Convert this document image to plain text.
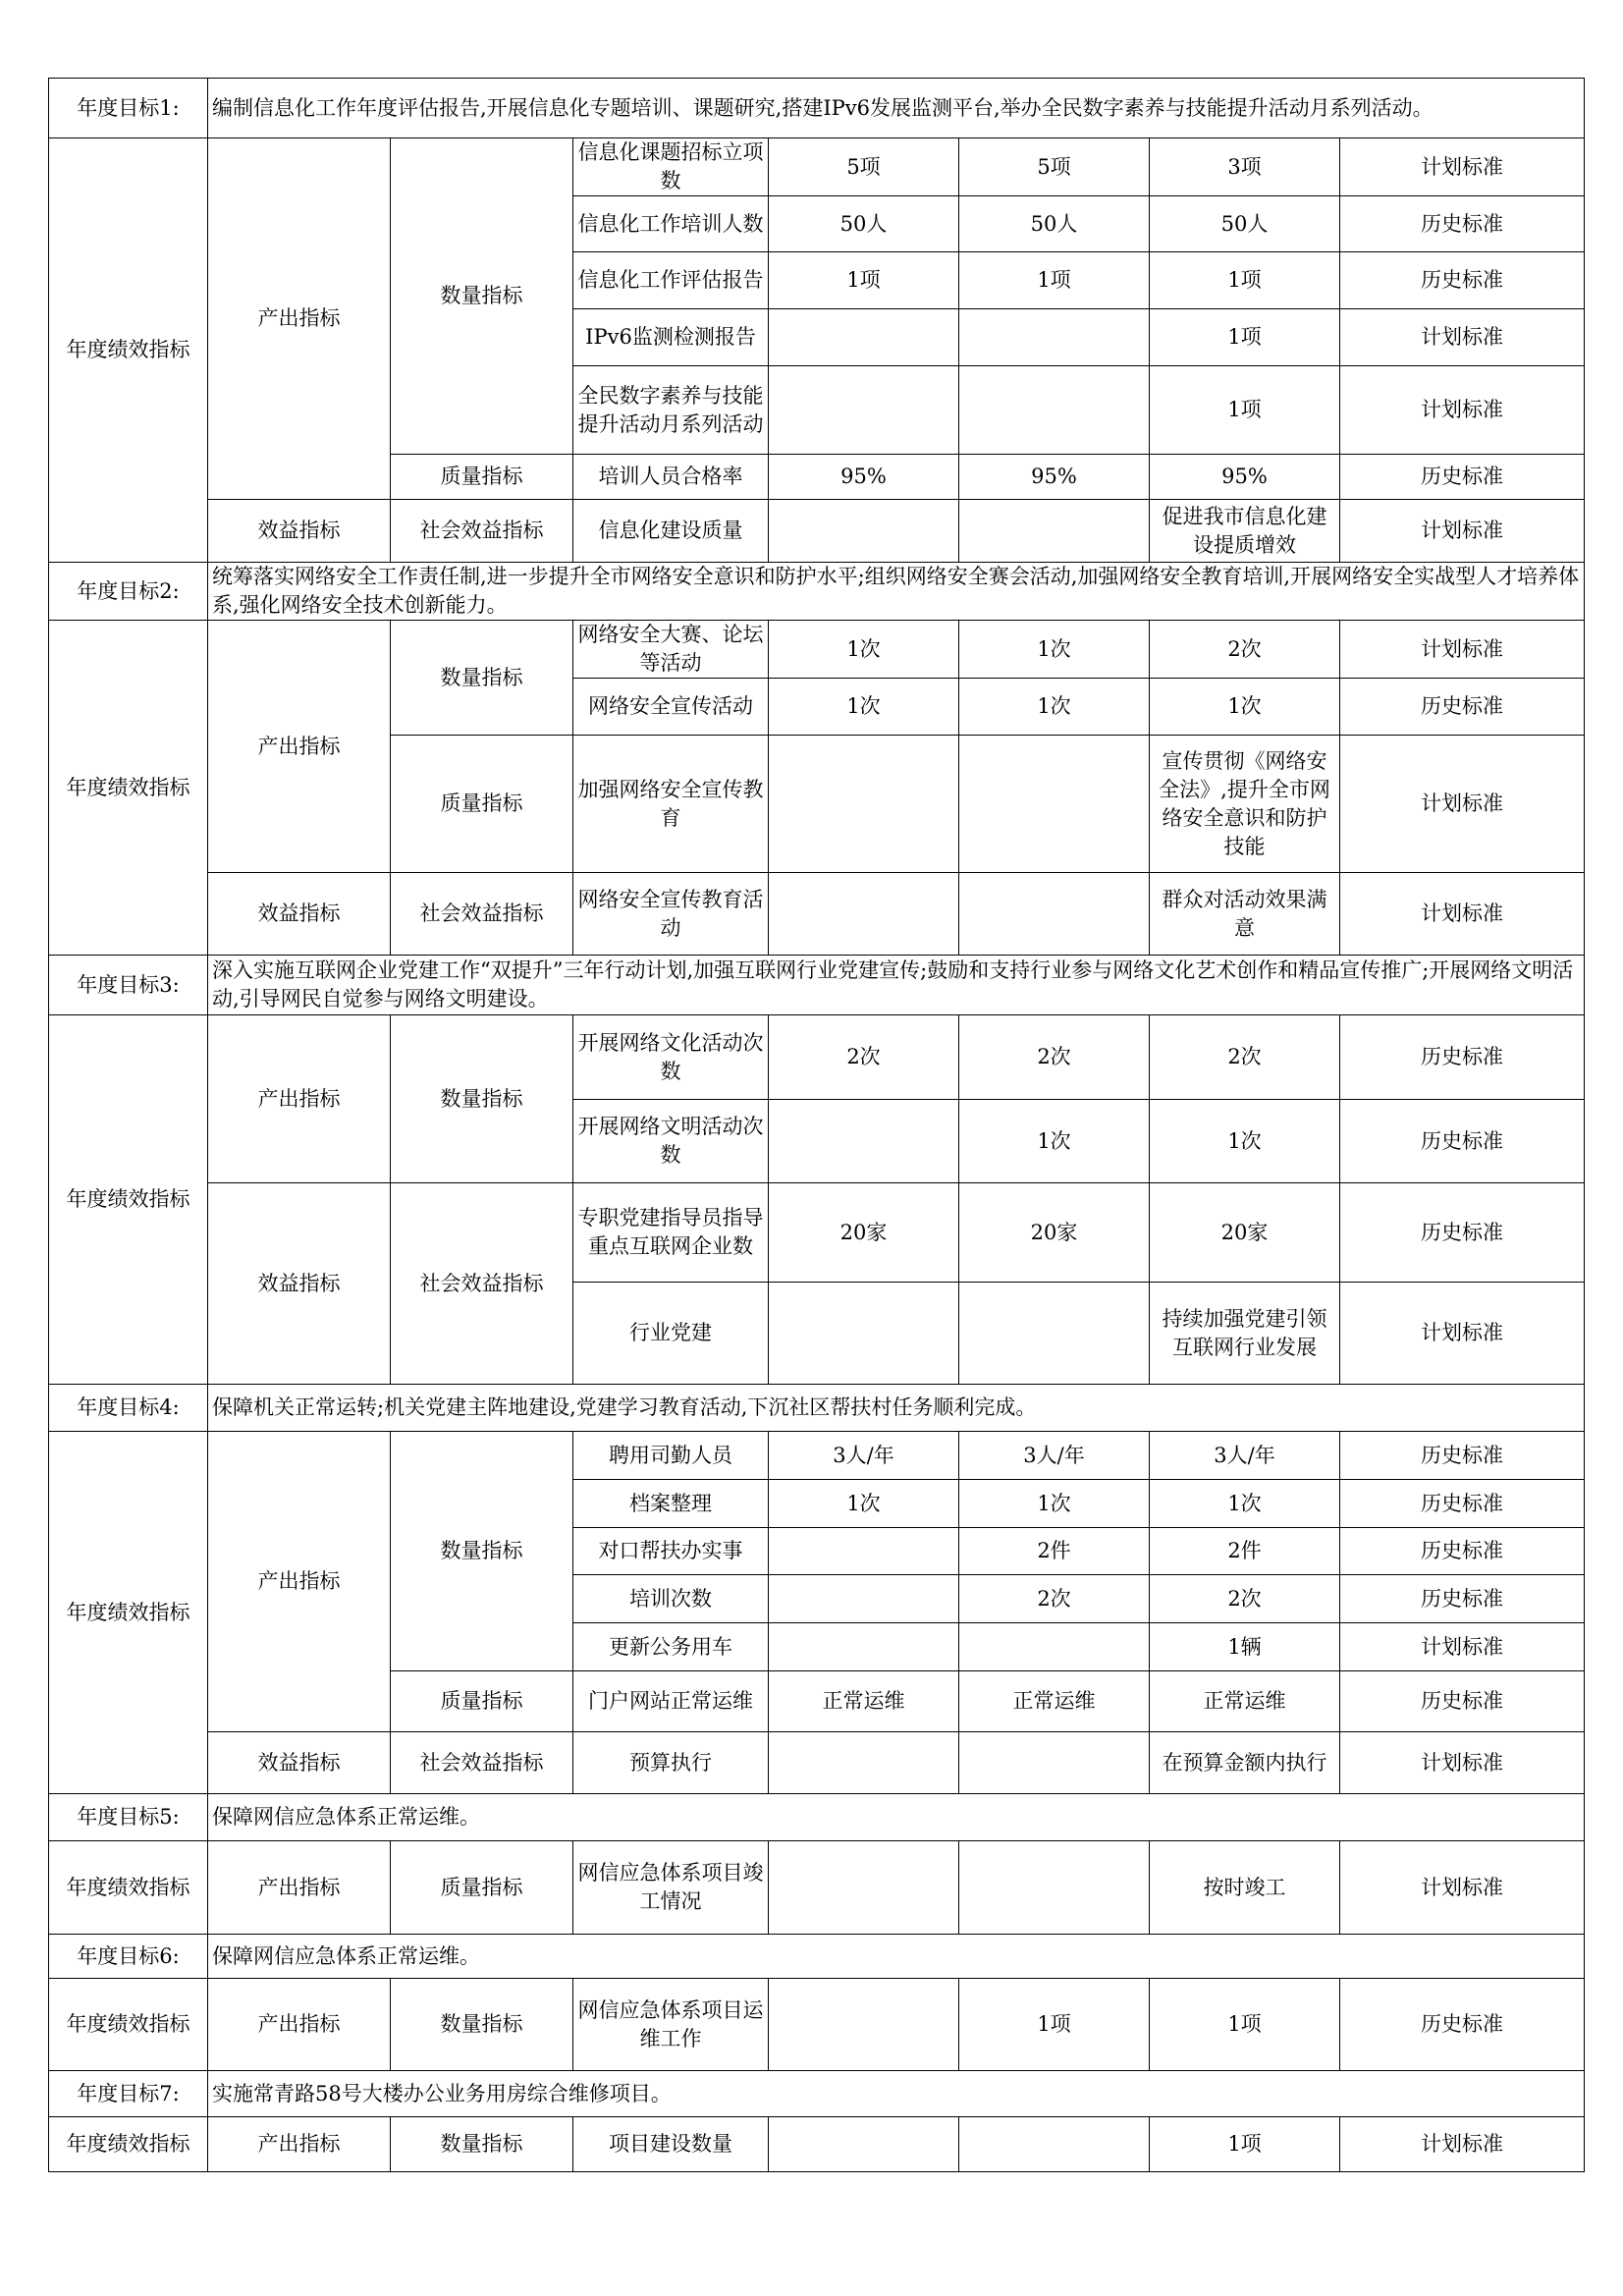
年度目标1:	编制信息化工作年度评估报告,开展信息化专题培训、课题研究,搭建IPv6发展监测平台,举办全民数字素养与技能提升活动月系列活动。						
年度绩效指标	产出指标	数量指标	信息化课题招标立项数	5项	5项	3项	计划标准
			信息化工作培训人数	50人	50人	50人	历史标准
			信息化工作评估报告	1项	1项	1项	历史标准
			IPv6监测检测报告			1项	计划标准
			全民数字素养与技能提升活动月系列活动			1项	计划标准
		质量指标	培训人员合格率	95%	95%	95%	历史标准
	效益指标	社会效益指标	信息化建设质量			促进我市信息化建设提质增效	计划标准
年度目标2:	统筹落实网络安全工作责任制,进一步提升全市网络安全意识和防护水平;组织网络安全赛会活动,加强网络安全教育培训,开展网络安全实战型人才培养体系,强化网络安全技术创新能力。						
年度绩效指标	产出指标	数量指标	网络安全大赛、论坛等活动	1次	1次	2次	计划标准
			网络安全宣传活动	1次	1次	1次	历史标准
		质量指标	加强网络安全宣传教育			宣传贯彻《网络安全法》,提升全市网络安全意识和防护技能	计划标准
	效益指标	社会效益指标	网络安全宣传教育活动			群众对活动效果满意	计划标准
年度目标3:	深入实施互联网企业党建工作“双提升”三年行动计划,加强互联网行业党建宣传;鼓励和支持行业参与网络文化艺术创作和精品宣传推广;开展网络文明活动,引导网民自觉参与网络文明建设。						
年度绩效指标	产出指标	数量指标	开展网络文化活动次数	2次	2次	2次	历史标准
			开展网络文明活动次数		1次	1次	历史标准
	效益指标	社会效益指标	专职党建指导员指导重点互联网企业数	20家	20家	20家	历史标准
			行业党建			持续加强党建引领互联网行业发展	计划标准
年度目标4:	保障机关正常运转;机关党建主阵地建设,党建学习教育活动,下沉社区帮扶村任务顺利完成。						
年度绩效指标	产出指标	数量指标	聘用司勤人员	3人/年	3人/年	3人/年	历史标准
			档案整理	1次	1次	1次	历史标准
			对口帮扶办实事		2件	2件	历史标准
			培训次数		2次	2次	历史标准
			更新公务用车			1辆	计划标准
		质量指标	门户网站正常运维	正常运维	正常运维	正常运维	历史标准
	效益指标	社会效益指标	预算执行			在预算金额内执行	计划标准
年度目标5:	保障网信应急体系正常运维。						
年度绩效指标	产出指标	质量指标	网信应急体系项目竣工情况			按时竣工	计划标准
年度目标6:	保障网信应急体系正常运维。						
年度绩效指标	产出指标	数量指标	网信应急体系项目运维工作		1项	1项	历史标准
年度目标7:	实施常青路58号大楼办公业务用房综合维修项目。						
年度绩效指标	产出指标	数量指标	项目建设数量			1项	计划标准
